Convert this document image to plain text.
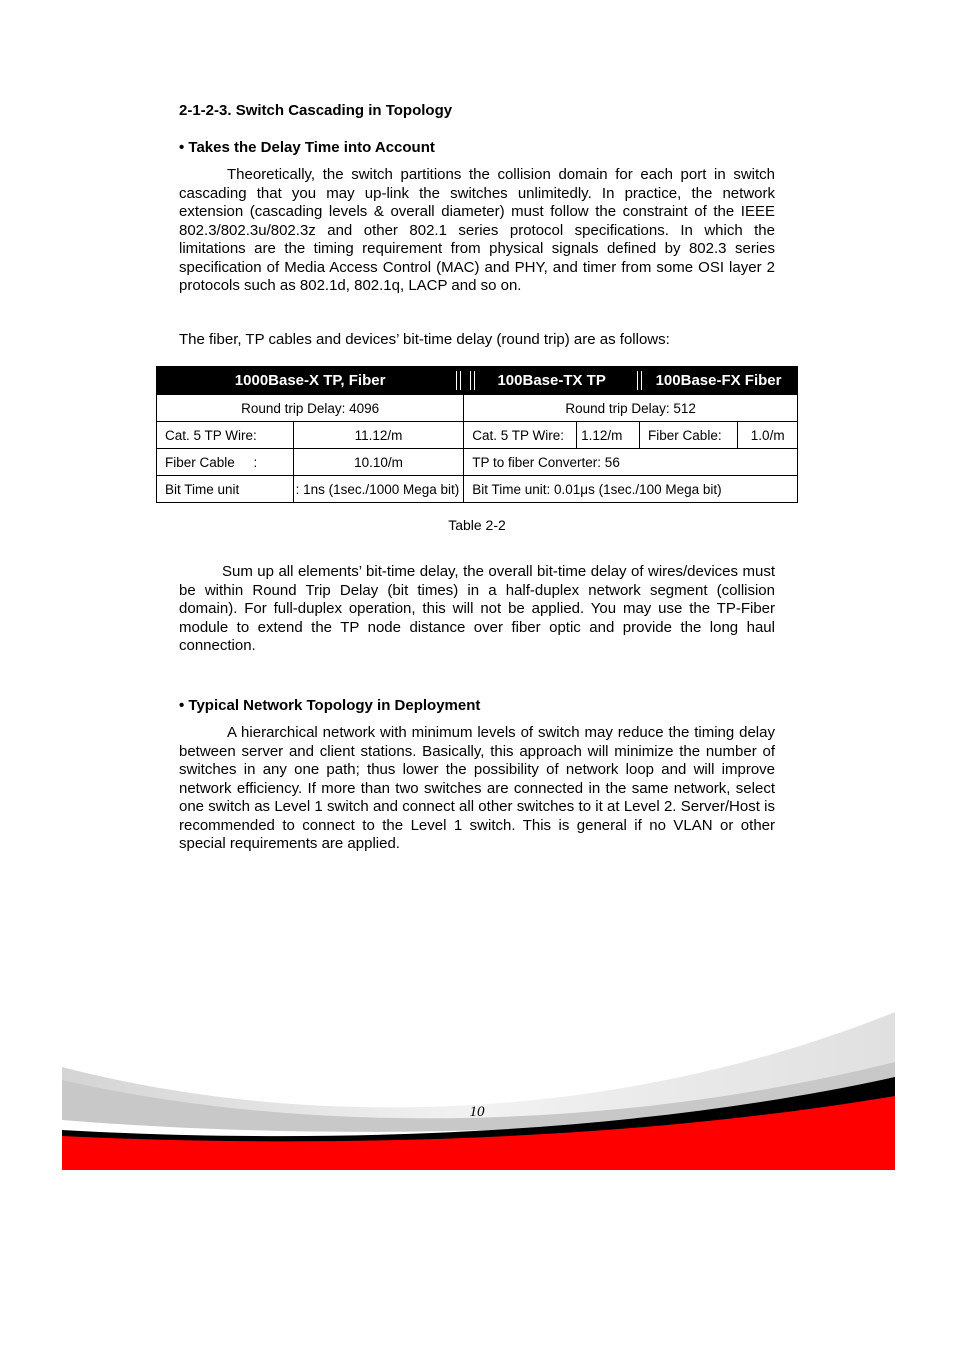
2-1-2-3. Switch Cascading in Topology
• Takes the Delay Time into Account
Theoretically, the switch partitions the collision domain for each port in switch cascading that you may up-link the switches unlimitedly. In practice, the network extension (cascading levels & overall diameter) must follow the constraint of the IEEE 802.3/802.3u/802.3z and other 802.1 series protocol specifications. In which the limitations are the timing requirement from physical signals defined by 802.3 series specification of Media Access Control (MAC) and PHY, and timer from some OSI layer 2 protocols such as 802.1d, 802.1q, LACP and so on.
The fiber, TP cables and devices’ bit-time delay (round trip) are as follows:
1000Base-X TP, Fiber		100Base-TX TP		100Base-FX Fiber	
Round trip Delay: 4096		Round trip Delay: 512			
Cat. 5 TP Wire:	11.12/m	Cat. 5 TP Wire:	1.12/m	Fiber Cable:	1.0/m
Fiber Cable     :	10.10/m	TP to fiber Converter: 56			
Bit Time unit	: 1ns (1sec./1000 Mega bit)	Bit Time unit: 0.01μs (1sec./100 Mega bit)			
Table 2-2
Sum up all elements’ bit-time delay, the overall bit-time delay of wires/devices must be within Round Trip Delay (bit times) in a half-duplex network segment (collision domain). For full-duplex operation, this will not be applied. You may use the TP-Fiber module to extend the TP node distance over fiber optic and provide the long haul connection.
• Typical Network Topology in Deployment
A hierarchical network with minimum levels of switch may reduce the timing delay between server and client stations. Basically, this approach will minimize the number of switches in any one path; thus lower the possibility of network loop and will improve network efficiency. If more than two switches are connected in the same network, select one switch as Level 1 switch and connect all other switches to it at Level 2. Server/Host is recommended to connect to the Level 1 switch. This is general if no VLAN or other special requirements are applied.
10
